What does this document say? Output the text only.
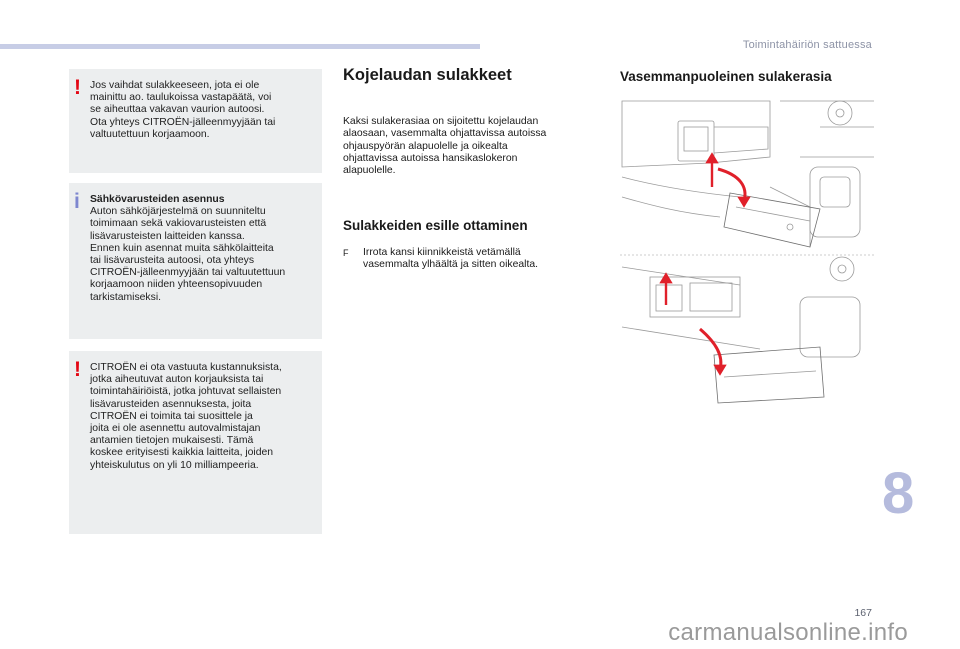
Toimintahäiriön sattuessa
! Jos vaihdat sulakkeeseen, jota ei ole
mainittu ao. taulukoissa vastapäätä, voi
se aiheuttaa vakavan vaurion autoosi.
Ota yhteys CITROËN-jälleenmyyjään tai
valtuutettuun korjaamoon.
i Sähkövarusteiden asennus
Auton sähköjärjestelmä on suunniteltu
toimimaan sekä vakiovarusteisten että
lisävarusteisten laitteiden kanssa.
Ennen kuin asennat muita sähkölaitteita
tai lisävarusteita autoosi, ota yhteys
CITROËN-jälleenmyyjään tai valtuutettuun
korjaamoon niiden yhteensopivuuden
tarkistamiseksi.
! CITROËN ei ota vastuuta kustannuksista,
jotka aiheutuvat auton korjauksista tai
toimintahäiriöistä, jotka johtuvat sellaisten
lisävarusteiden asennuksesta, joita
CITROËN ei toimita tai suosittele ja
joita ei ole asennettu autovalmistajan
antamien tietojen mukaisesti. Tämä
koskee erityisesti kaikkia laitteita, joiden
yhteiskulutus on yli 10 milliampeeria.
Kojelaudan sulakkeet
Kaksi sulakerasiaa on sijoitettu kojelaudan
alaosaan, vasemmalta ohjattavissa autoissa
ohjauspyörän alapuolelle ja oikealta
ohjattavissa autoissa hansikaslokeron
alapuolelle.
Sulakkeiden esille ottaminen
F Irrota kansi kiinnikkeistä vetämällä
vasemmalta ylhäältä ja sitten oikealta.
Vasemmanpuoleinen sulakerasia
8
167
carmanualsonline.info
